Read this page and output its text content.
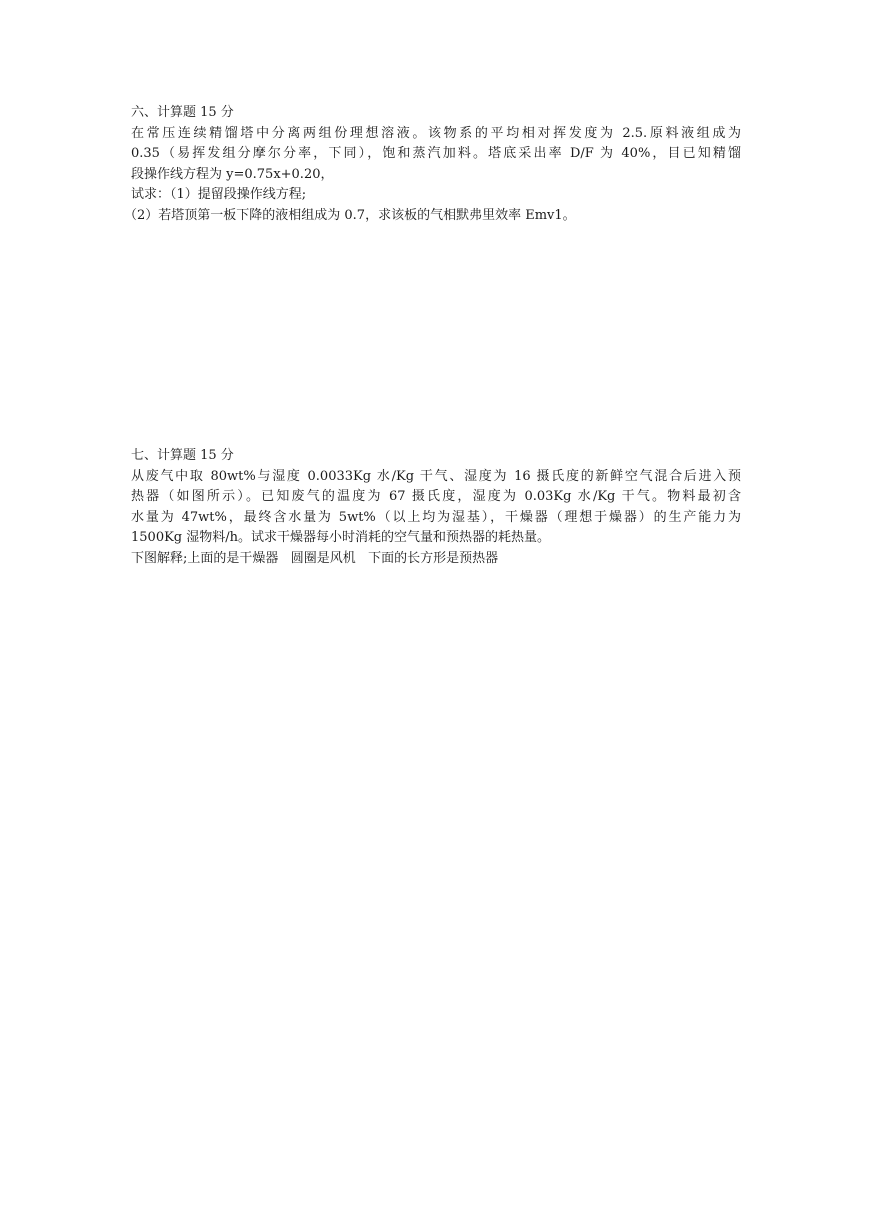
六、计算题 15 分
在常压连续精馏塔中分离两组份理想溶液。该物系的平均相对挥发度为 2.5.原料液组成为
0.35（易挥发组分摩尔分率，下同），饱和蒸汽加料。塔底采出率 D/F 为 40%，目已知精馏
段操作线方程为 y=0.75x+0.20，
试求：（1）提留段操作线方程;
（2）若塔顶第一板下降的液相组成为 0.7，求该板的气相默弗里效率 Emv1。
七、计算题 15 分
从废气中取 80wt%与湿度 0.0033Kg 水/Kg 干气、湿度为 16 摄氏度的新鲜空气混合后进入预
热器（如图所示）。已知废气的温度为 67 摄氏度，湿度为 0.03Kg 水/Kg 干气。物料最初含
水量为 47wt%，最终含水量为 5wt%（以上均为湿基），干燥器（理想于燥器）的生产能力为
1500Kg 湿物料/h。试求干燥器每小时消耗的空气量和预热器的耗热量。
下图解释;上面的是干燥器   圆圈是风机   下面的长方形是预热器
